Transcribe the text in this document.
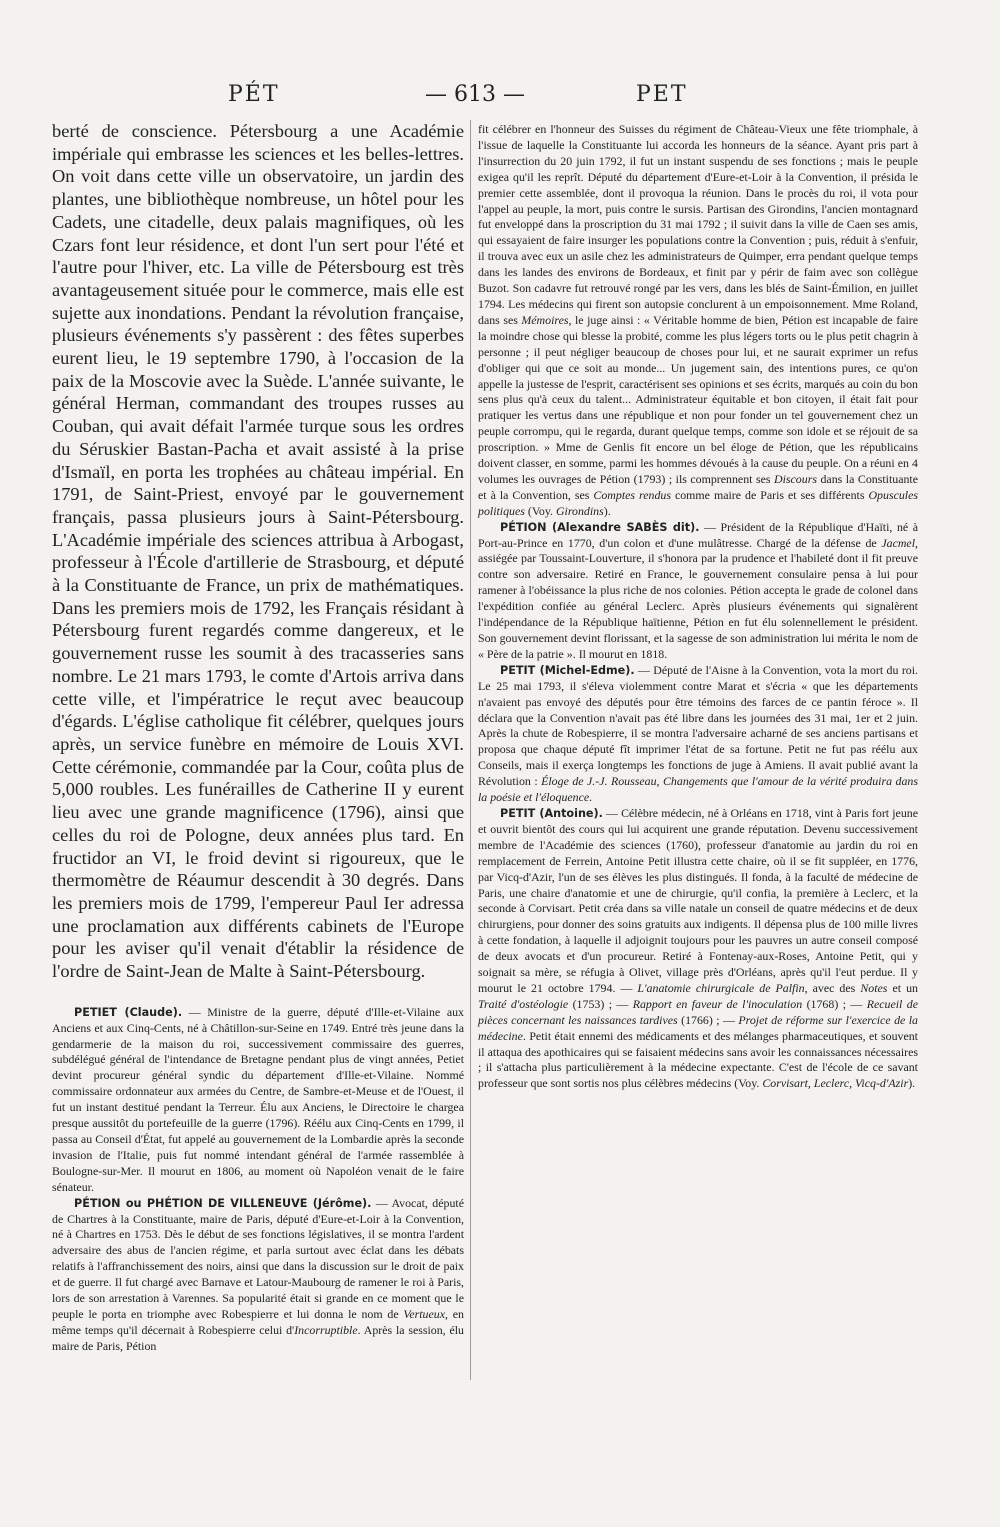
PÉT	— 613 —	PET

berté de conscience. Pétersbourg a une Académie impériale qui embrasse les sciences et les belles-lettres. On voit dans cette ville un observatoire, un jardin des plantes, une bibliothèque nombreuse, un hôtel pour les Cadets, une citadelle, deux palais magnifiques, où les Czars font leur résidence, et dont l'un sert pour l'été et l'autre pour l'hiver, etc. La ville de Pétersbourg est très avantageusement située pour le commerce, mais elle est sujette aux inondations. Pendant la révolution française, plusieurs événements s'y passèrent : des fêtes superbes eurent lieu, le 19 septembre 1790, à l'occasion de la paix de la Moscovie avec la Suède. L'année suivante, le général Herman, commandant des troupes russes au Couban, qui avait défait l'armée turque sous les ordres du Séruskier Bastan-Pacha et avait assisté à la prise d'Ismaïl, en porta les trophées au château impérial. En 1791, de Saint-Priest, envoyé par le gouvernement français, passa plusieurs jours à Saint-Pétersbourg. L'Académie impériale des sciences attribua à Arbogast, professeur à l'École d'artillerie de Strasbourg, et député à la Constituante de France, un prix de mathématiques. Dans les premiers mois de 1792, les Français résidant à Pétersbourg furent regardés comme dangereux, et le gouvernement russe les soumit à des tracasseries sans nombre. Le 21 mars 1793, le comte d'Artois arriva dans cette ville, et l'impératrice le reçut avec beaucoup d'égards. L'église catholique fit célébrer, quelques jours après, un service funèbre en mémoire de Louis XVI. Cette cérémonie, commandée par la Cour, coûta plus de 5,000 roubles. Les funérailles de Catherine II y eurent lieu avec une grande magnificence (1796), ainsi que celles du roi de Pologne, deux années plus tard. En fructidor an VI, le froid devint si rigoureux, que le thermomètre de Réaumur descendit à 30 degrés. Dans les premiers mois de 1799, l'empereur Paul Ier adressa une proclamation aux différents cabinets de l'Europe pour les aviser qu'il venait d'établir la résidence de l'ordre de Saint-Jean de Malte à Saint-Pétersbourg.

PETIET (Claude). — Ministre de la guerre, député d'Ille-et-Vilaine aux Anciens et aux Cinq-Cents, né à Châtillon-sur-Seine en 1749. Entré très jeune dans la gendarmerie de la maison du roi, successivement commissaire des guerres, subdélégué général de l'intendance de Bretagne pendant plus de vingt années, Petiet devint procureur général syndic du département d'Ille-et-Vilaine. Nommé commissaire ordonnateur aux armées du Centre, de Sambre-et-Meuse et de l'Ouest, il fut un instant destitué pendant la Terreur. Élu aux Anciens, le Directoire le chargea presque aussitôt du portefeuille de la guerre (1796). Réélu aux Cinq-Cents en 1799, il passa au Conseil d'État, fut appelé au gouvernement de la Lombardie après la seconde invasion de l'Italie, puis fut nommé intendant général de l'armée rassemblée à Boulogne-sur-Mer. Il mourut en 1806, au moment où Napoléon venait de le faire sénateur.

PÉTION ou PHÉTION DE VILLENEUVE (Jérôme). — Avocat, député de Chartres à la Constituante, maire de Paris, député d'Eure-et-Loir à la Convention, né à Chartres en 1753. Dès le début de ses fonctions législatives, il se montra l'ardent adversaire des abus de l'ancien régime, et parla surtout avec éclat dans les débats relatifs à l'affranchissement des noirs, ainsi que dans la discussion sur le droit de paix et de guerre. Il fut chargé avec Barnave et Latour-Maubourg de ramener le roi à Paris, lors de son arrestation à Varennes. Sa popularité était si grande en ce moment que le peuple le porta en triomphe avec Robespierre et lui donna le nom de Vertueux, en même temps qu'il décernait à Robespierre celui d'Incorruptible. Après la session, élu maire de Paris, Pétion

fit célébrer en l'honneur des Suisses du régiment de Château-Vieux une fête triomphale, à l'issue de laquelle la Constituante lui accorda les honneurs de la séance. Ayant pris part à l'insurrection du 20 juin 1792, il fut un instant suspendu de ses fonctions ; mais le peuple exigea qu'il les reprît. Député du département d'Eure-et-Loir à la Convention, il présida le premier cette assemblée, dont il provoqua la réunion. Dans le procès du roi, il vota pour l'appel au peuple, la mort, puis contre le sursis. Partisan des Girondins, l'ancien montagnard fut enveloppé dans la proscription du 31 mai 1792 ; il suivit dans la ville de Caen ses amis, qui essayaient de faire insurger les populations contre la Convention ; puis, réduit à s'enfuir, il trouva avec eux un asile chez les administrateurs de Quimper, erra pendant quelque temps dans les landes des environs de Bordeaux, et finit par y périr de faim avec son collègue Buzot. Son cadavre fut retrouvé rongé par les vers, dans les blés de Saint-Émilion, en juillet 1794. Les médecins qui firent son autopsie conclurent à un empoisonnement. Mme Roland, dans ses Mémoires, le juge ainsi : « Véritable homme de bien, Pétion est incapable de faire la moindre chose qui blesse la probité, comme les plus légers torts ou le plus petit chagrin à personne ; il peut négliger beaucoup de choses pour lui, et ne saurait exprimer un refus d'obliger qui que ce soit au monde... Un jugement sain, des intentions pures, ce qu'on appelle la justesse de l'esprit, caractérisent ses opinions et ses écrits, marqués au coin du bon sens plus qu'à ceux du talent... Administrateur équitable et bon citoyen, il était fait pour pratiquer les vertus dans une république et non pour fonder un tel gouvernement chez un peuple corrompu, qui le regarda, durant quelque temps, comme son idole et se réjouit de sa proscription. » Mme de Genlis fit encore un bel éloge de Pétion, que les républicains doivent classer, en somme, parmi les hommes dévoués à la cause du peuple. On a réuni en 4 volumes les ouvrages de Pétion (1793) ; ils comprennent ses Discours dans la Constituante et à la Convention, ses Comptes rendus comme maire de Paris et ses différents Opuscules politiques (Voy. Girondins).

PÉTION (Alexandre SABÈS dit). — Président de la République d'Haïti, né à Port-au-Prince en 1770, d'un colon et d'une mulâtresse. Chargé de la défense de Jacmel, assiégée par Toussaint-Louverture, il s'honora par la prudence et l'habileté dont il fit preuve contre son adversaire. Retiré en France, le gouvernement consulaire pensa à lui pour ramener à l'obéissance la plus riche de nos colonies. Pétion accepta le grade de colonel dans l'expédition confiée au général Leclerc. Après plusieurs événements qui signalèrent l'indépendance de la République haïtienne, Pétion en fut élu solennellement le président. Son gouvernement devint florissant, et la sagesse de son administration lui mérita le nom de « Père de la patrie ». Il mourut en 1818.

PETIT (Michel-Edme). — Député de l'Aisne à la Convention, vota la mort du roi. Le 25 mai 1793, il s'éleva violemment contre Marat et s'écria « que les départements n'avaient pas envoyé des députés pour être témoins des farces de ce pantin féroce ». Il déclara que la Convention n'avait pas été libre dans les journées des 31 mai, 1er et 2 juin. Après la chute de Robespierre, il se montra l'adversaire acharné de ses anciens partisans et proposa que chaque député fît imprimer l'état de sa fortune. Petit ne fut pas réélu aux Conseils, mais il exerça longtemps les fonctions de juge à Amiens. Il avait publié avant la Révolution : Éloge de J.-J. Rousseau, Changements que l'amour de la vérité produira dans la poésie et l'éloquence.

PETIT (Antoine). — Célèbre médecin, né à Orléans en 1718, vint à Paris fort jeune et ouvrit bientôt des cours qui lui acquirent une grande réputation. Devenu successivement membre de l'Académie des sciences (1760), professeur d'anatomie au jardin du roi en remplacement de Ferrein, Antoine Petit illustra cette chaire, où il se fit suppléer, en 1776, par Vicq-d'Azir, l'un de ses élèves les plus distingués. Il fonda, à la faculté de médecine de Paris, une chaire d'anatomie et une de chirurgie, qu'il confia, la première à Leclerc, et la seconde à Corvisart. Petit créa dans sa ville natale un conseil de quatre médecins et de deux chirurgiens, pour donner des soins gratuits aux indigents. Il dépensa plus de 100 mille livres à cette fondation, à laquelle il adjoignit toujours pour les pauvres un autre conseil composé de deux avocats et d'un procureur. Retiré à Fontenay-aux-Roses, Antoine Petit, qui y soignait sa mère, se réfugia à Olivet, village près d'Orléans, après qu'il l'eut perdue. Il y mourut le 21 octobre 1794. — L'anatomie chirurgicale de Palfin, avec des Notes et un Traité d'ostéologie (1753) ; — Rapport en faveur de l'inoculation (1768) ; — Recueil de pièces concernant les naissances tardives (1766) ; — Projet de réforme sur l'exercice de la médecine. Petit était ennemi des médicaments et des mélanges pharmaceutiques, et souvent il attaqua des apothicaires qui se faisaient médecins sans avoir les connaissances nécessaires ; il s'attacha plus particulièrement à la médecine expectante. C'est de l'école de ce savant professeur que sont sortis nos plus célèbres médecins (Voy. Corvisart, Leclerc, Vicq-d'Azir).
